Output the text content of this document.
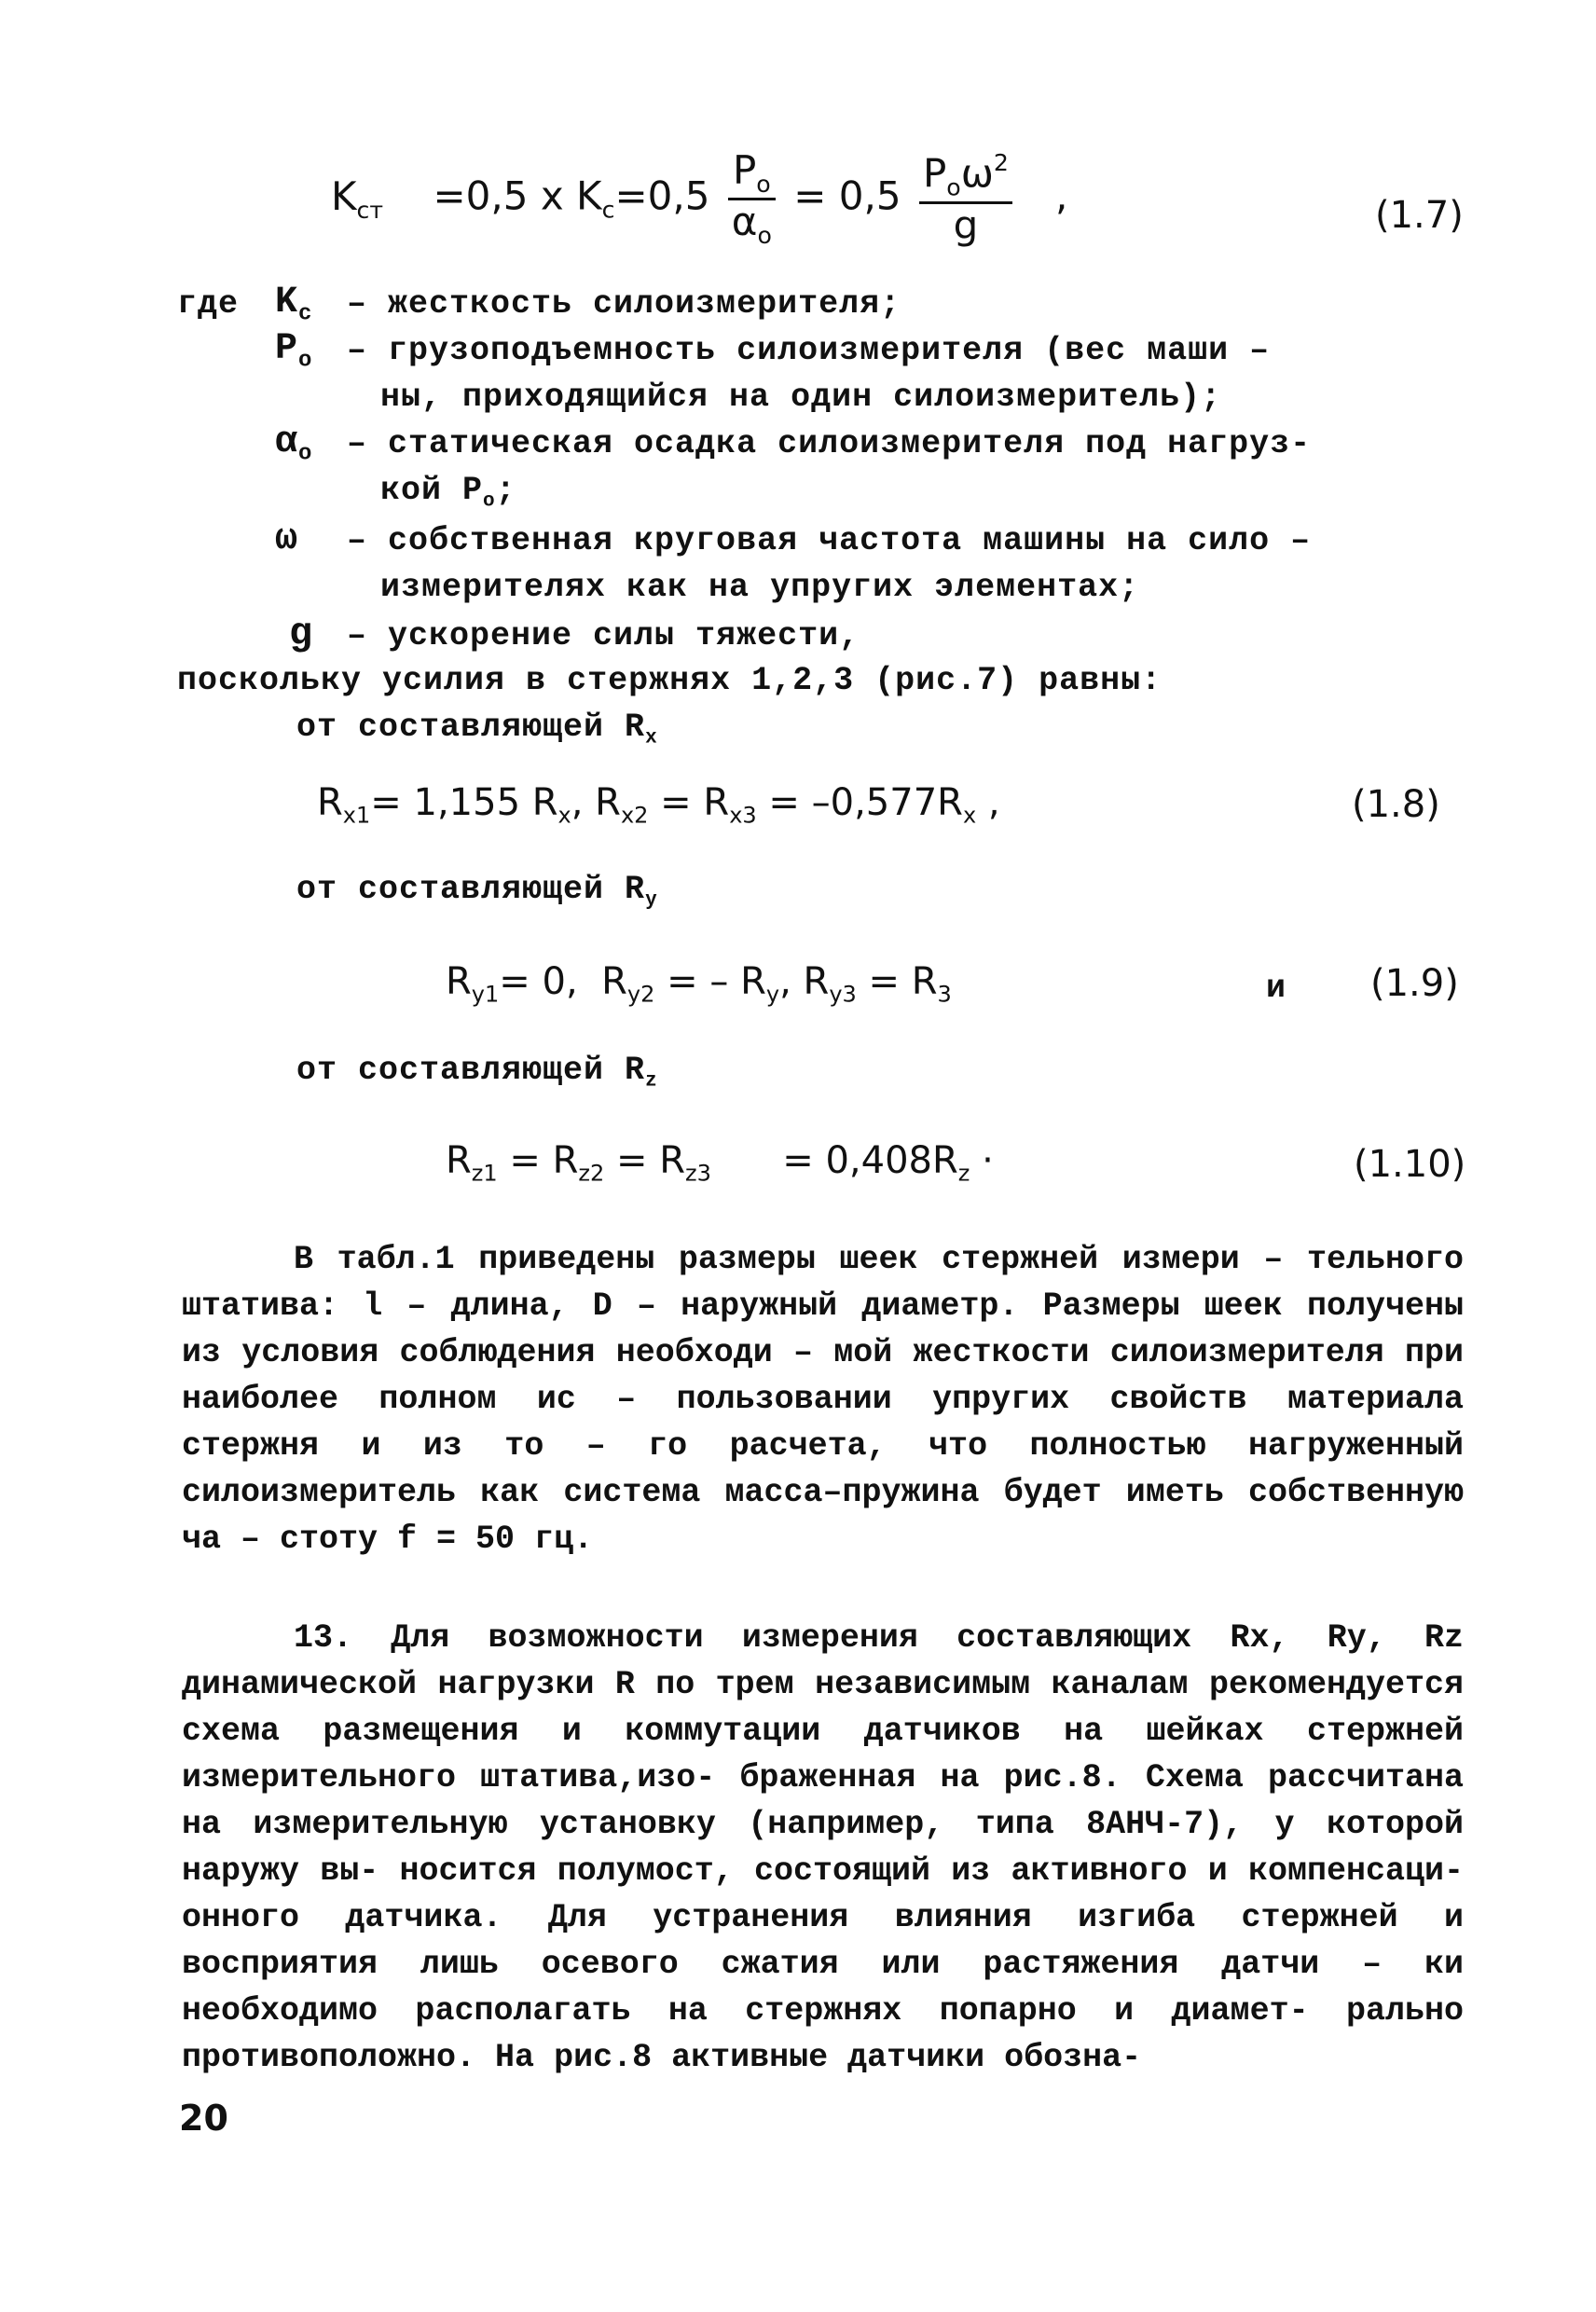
$K_{ст} =0,5$ x $K_с=0,5 \frac{P_o}{\alpha_o} = 0,5 \frac{P_o\omega^2}{g}$ ,	(1.7)
где $K_с$ – жесткость силоизмерителя;
$P_о$ – грузоподъемность силоизмерителя (вес маши –
ны, приходящийся на один силоизмеритель);
$\alpha_о$ – статическая осадка силоизмерителя под нагруз-
кой $P_о$;
ω – собственная круговая частота машины на сило –
измерителях как на упругих элементах;
g – ускорение силы тяжести,
поскольку усилия в стержнях 1,2,3 (рис.7) равны:
от составляющей $R_x$
$R_{x1}= 1,155$ $R_x$, $R_{x2} = R_{x3} = -0,577R_x$ ,	(1.8)
от составляющей $R_y$
$R_{y1}= 0$, $R_{y2}$ = – $R_y$, $R_{y3} = R_3$	и (1.9)
от составляющей $R_z$
$R_{z1} = R_{z2} = R_{z3} = 0,408R_z$ ·	(1.10)
В табл.1 приведены размеры шеек стержней измери – тельного штатива: l – длина, D – наружный диаметр. Размеры шеек получены из условия соблюдения необходи – мой жесткости силоизмерителя при наиболее полном ис – пользовании упругих свойств материала стержня и из то – го расчета, что полностью нагруженный силоизмеритель как система масса–пружина будет иметь собственную ча – стоту f = 50 гц.
13. Для возможности измерения составляющих Rx, Ry, Rz динамической нагрузки R по трем независимым каналам рекомендуется схема размещения и коммутации датчиков на шейках стержней измерительного штатива,изо- браженная на рис.8. Схема рассчитана на измерительную установку (например, типа 8АНЧ-7), у которой наружу вы- носится полумост, состоящий из активного и компенсаци- онного датчика. Для устранения влияния изгиба стержней и восприятия лишь осевого сжатия или растяжения датчи – ки необходимо располагать на стержнях попарно и диамет- рально противоположно. На рис.8 активные датчики обозна-
20
